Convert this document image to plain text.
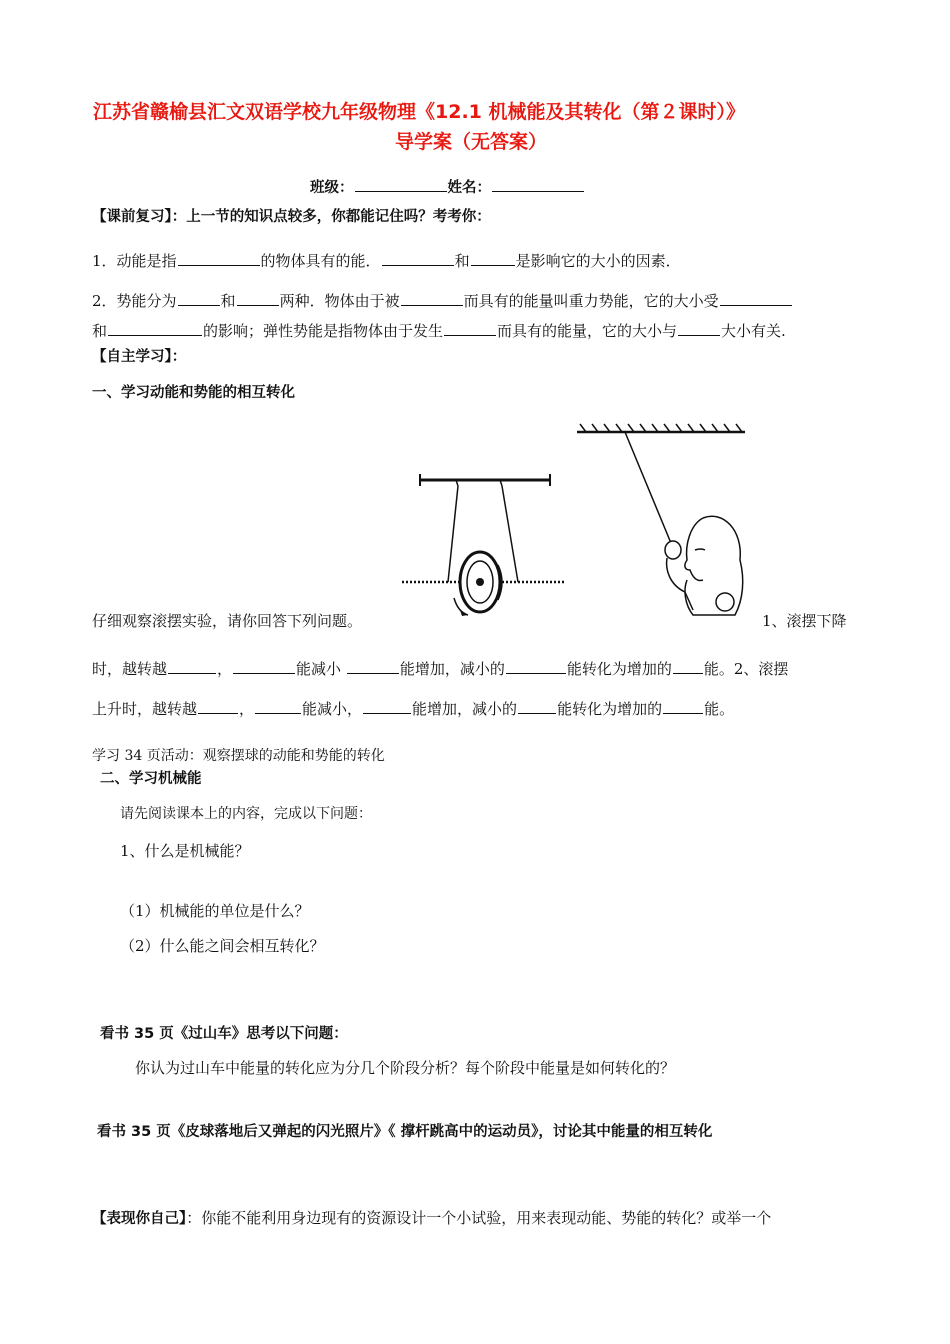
江苏省赣榆县汇文双语学校九年级物理《12.1 机械能及其转化（第２课时）》
导学案（无答案）
班级：	姓名：
【课前复习】：上一节的知识点较多，你都能记住吗？考考你：
1．动能是指	的物体具有的能．	和	是影响它的大小的因素．
2．势能分为	和	两种．物体由于被	而具有的能量叫重力势能，它的大小受
和	的影响；弹性势能是指物体由于发生	而具有的能量，它的大小与	大小有关.
【自主学习】：
一、学习动能和势能的相互转化
仔细观察滚摆实验，请你回答下列问题。	1、滚摆下降
时，越转越	，	能减小	能增加，减小的	能转化为增加的 能。2、滚摆
上升时，越转越	，	能减小，	能增加，减小的	能转化为增加的	能。
学习 34 页活动：观察摆球的动能和势能的转化
二、学习机械能
请先阅读课本上的内容，完成以下问题：
1、什么是机械能？
（1）机械能的单位是什么？
（2）什么能之间会相互转化？
看书 35 页《过山车》思考以下问题：
你认为过山车中能量的转化应为分几个阶段分析？每个阶段中能量是如何转化的？
看书 35 页《皮球落地后又弹起的闪光照片》《 撑杆跳高中的运动员》，讨论其中能量的相互转化
【表现你自己】：你能不能利用身边现有的资源设计一个小试验，用来表现动能、势能的转化？或举一个
